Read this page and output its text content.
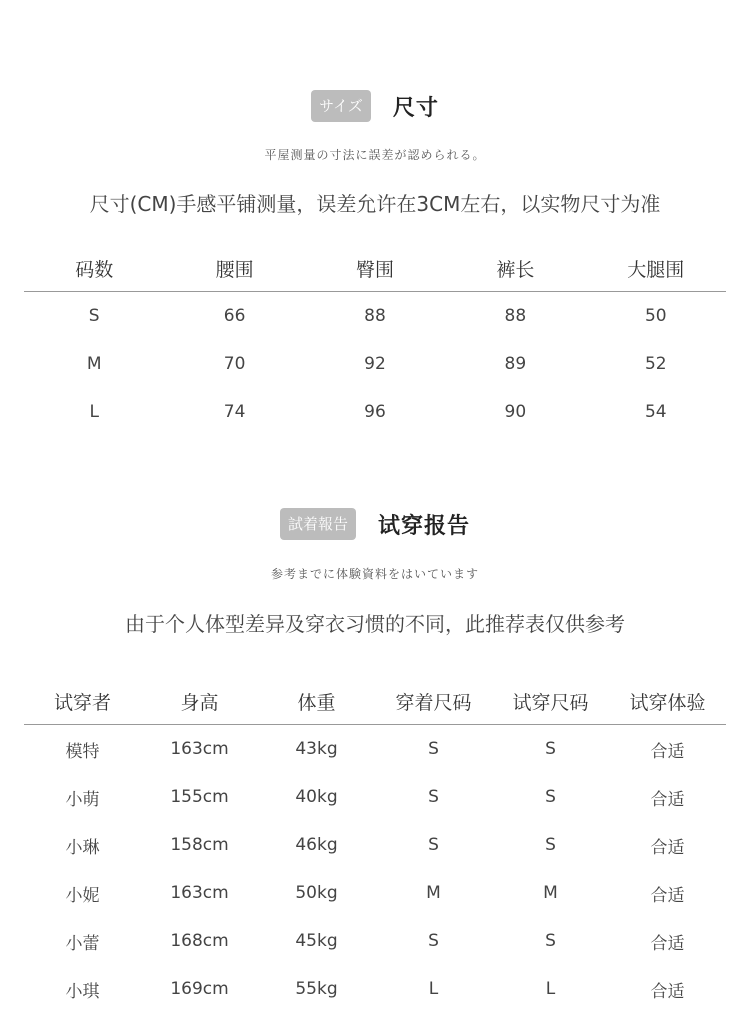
サイズ	尺寸
平屋测量の寸法に誤差が認められる。
尺寸(CM)手感平铺测量，误差允许在3CM左右，以实物尺寸为准
码数	腰围	臀围	裤长	大腿围
S	66	88	88	50
M	70	92	89	52
L	74	96	90	54
試着報告	试穿报告
参考までに体験資料をはいています
由于个人体型差异及穿衣习惯的不同，此推荐表仅供参考
试穿者	身高	体重	穿着尺码	试穿尺码	试穿体验
模特	163cm	43kg	S	S	合适
小萌	155cm	40kg	S	S	合适
小琳	158cm	46kg	S	S	合适
小妮	163cm	50kg	M	M	合适
小蕾	168cm	45kg	S	S	合适
小琪	169cm	55kg	L	L	合适
